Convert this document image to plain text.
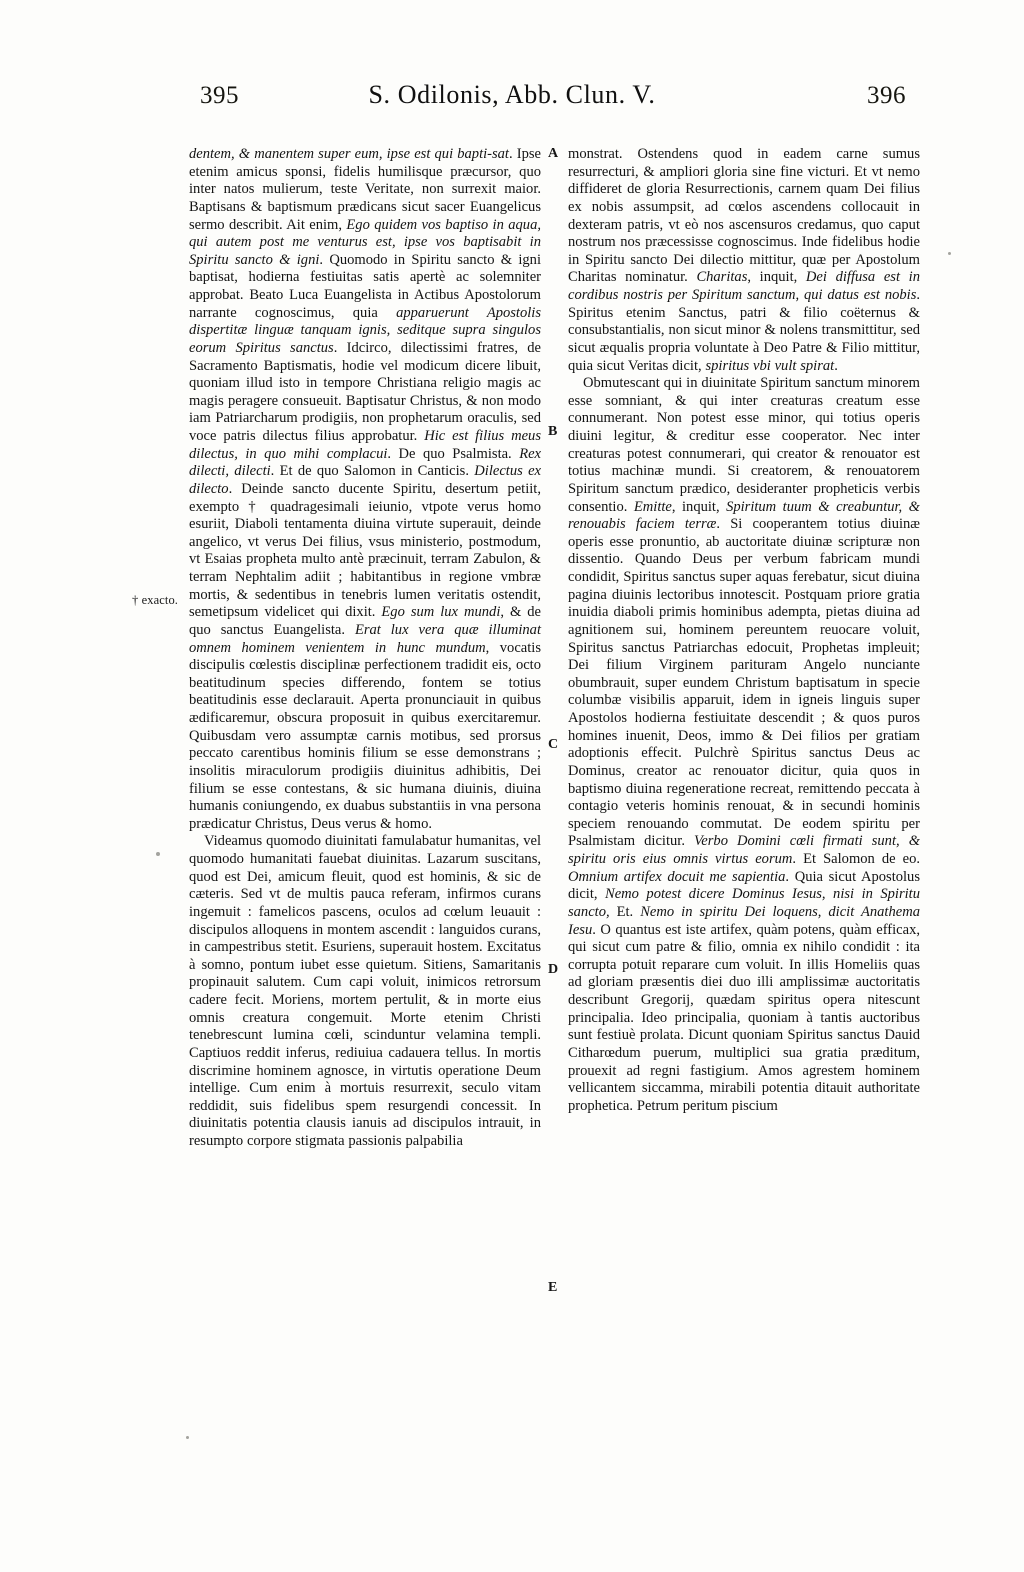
395	S. Odilonis, Abb. Clun. V.	396
† exacto.
A
B
C
D
E

dentem, & manentem super eum, ipse est qui bapti-sat. Ipse etenim amicus sponsi, fidelis humilisque præcursor, quo inter natos mulierum, teste Veritate, non surrexit maior. Baptisans & baptismum prædicans sicut sacer Euangelicus sermo describit. Ait enim, Ego quidem vos baptiso in aqua, qui autem post me venturus est, ipse vos baptisabit in Spiritu sancto & igni. Quomodo in Spiritu sancto & igni baptisat, hodierna festiuitas satis apertè ac solemniter approbat. Beato Luca Euangelista in Actibus Apostolorum narrante cognoscimus, quia apparuerunt Apostolis dispertitæ linguæ tanquam ignis, seditque supra singulos eorum Spiritus sanctus. Idcirco, dilectissimi fratres, de Sacramento Baptismatis, hodie vel modicum dicere libuit, quoniam illud isto in tempore Christiana religio magis ac magis peragere consueuit. Baptisatur Christus, & non modo iam Patriarcharum prodigiis, non prophetarum oraculis, sed voce patris dilectus filius approbatur. Hic est filius meus dilectus, in quo mihi complacui. De quo Psalmista. Rex dilecti, dilecti. Et de quo Salomon in Canticis. Dilectus ex dilecto. Deinde sancto ducente Spiritu, desertum petiit, exempto † quadragesimali ieiunio, vtpote verus homo esuriit, Diaboli tentamenta diuina virtute superauit, deinde angelico, vt verus Dei filius, vsus ministerio, postmodum, vt Esaias propheta multo antè præcinuit, terram Zabulon, & terram Nephtalim adiit ; habitantibus in regione vmbræ mortis, & sedentibus in tenebris lumen veritatis ostendit, semetipsum videlicet qui dixit. Ego sum lux mundi, & de quo sanctus Euangelista. Erat lux vera quæ illuminat omnem hominem venientem in hunc mundum, vocatis discipulis cœlestis disciplinæ perfectionem tradidit eis, octo beatitudinum species differendo, fontem se totius beatitudinis esse declarauit. Aperta pronunciauit in quibus ædificaremur, obscura proposuit in quibus exercitaremur. Quibusdam vero assumptæ carnis motibus, sed prorsus peccato carentibus hominis filium se esse demonstrans ; insolitis miraculorum prodigiis diuinitus adhibitis, Dei filium se esse contestans, & sic humana diuinis, diuina humanis coniungendo, ex duabus substantiis in vna persona prædicatur Christus, Deus verus & homo.

Videamus quomodo diuinitati famulabatur humanitas, vel quomodo humanitati fauebat diuinitas. Lazarum suscitans, quod est Dei, amicum fleuit, quod est hominis, & sic de cæteris. Sed vt de multis pauca referam, infirmos curans ingemuit : famelicos pascens, oculos ad cœlum leuauit : discipulos alloquens in montem ascendit : languidos curans, in campestribus stetit. Esuriens, superauit hostem. Excitatus à somno, pontum iubet esse quietum. Sitiens, Samaritanis propinauit salutem. Cum capi voluit, inimicos retrorsum cadere fecit. Moriens, mortem pertulit, & in morte eius omnis creatura congemuit. Morte etenim Christi tenebrescunt lumina cœli, scinduntur velamina templi. Captiuos reddit inferus, rediuiua cadauera tellus. In mortis discrimine hominem agnosce, in virtutis operatione Deum intellige. Cum enim à mortuis resurrexit, seculo vitam reddidit, suis fidelibus spem resurgendi concessit. In diuinitatis potentia clausis ianuis ad discipulos intrauit, in resumpto corpore stigmata passionis palpabilia

monstrat. Ostendens quod in eadem carne sumus resurrecturi, & ampliori gloria sine fine victuri. Et vt nemo diffideret de gloria Resurrectionis, carnem quam Dei filius ex nobis assumpsit, ad cœlos ascendens collocauit in dexteram patris, vt eò nos ascensuros credamus, quo caput nostrum nos præcessisse cognoscimus. Inde fidelibus hodie in Spiritu sancto Dei dilectio mittitur, quæ per Apostolum Charitas nominatur. Charitas, inquit, Dei diffusa est in cordibus nostris per Spiritum sanctum, qui datus est nobis. Spiritus etenim Sanctus, patri & filio coëternus & consubstantialis, non sicut minor & nolens transmittitur, sed sicut æqualis propria voluntate à Deo Patre & Filio mittitur, quia sicut Veritas dicit, spiritus vbi vult spirat.

Obmutescant qui in diuinitate Spiritum sanctum minorem esse somniant, & qui inter creaturas creatum esse connumerant. Non potest esse minor, qui totius operis diuini legitur, & creditur esse cooperator. Nec inter creaturas potest connumerari, qui creator & renouator est totius machinæ mundi. Si creatorem, & renouatorem Spiritum sanctum prædico, desideranter propheticis verbis consentio. Emitte, inquit, Spiritum tuum & creabuntur, & renouabis faciem terræ. Si cooperantem totius diuinæ operis esse pronuntio, ab auctoritate diuinæ scripturæ non dissentio. Quando Deus per verbum fabricam mundi condidit, Spiritus sanctus super aquas ferebatur, sicut diuina pagina diuinis lectoribus innotescit. Postquam priore gratia inuidia diaboli primis hominibus adempta, pietas diuina ad agnitionem sui, hominem pereuntem reuocare voluit, Spiritus sanctus Patriarchas edocuit, Prophetas impleuit; Dei filium Virginem parituram Angelo nunciante obumbrauit, super eundem Christum baptisatum in specie columbæ visibilis apparuit, idem in igneis linguis super Apostolos hodierna festiuitate descendit ; & quos puros homines inuenit, Deos, immo & Dei filios per gratiam adoptionis effecit. Pulchrè Spiritus sanctus Deus ac Dominus, creator ac renouator dicitur, quia quos in baptismo diuina regeneratione recreat, remittendo peccata à contagio veteris hominis renouat, & in secundi hominis speciem renouando commutat. De eodem spiritu per Psalmistam dicitur. Verbo Domini cœli firmati sunt, & spiritu oris eius omnis virtus eorum. Et Salomon de eo. Omnium artifex docuit me sapientia. Quia sicut Apostolus dicit, Nemo potest dicere Dominus Iesus, nisi in Spiritu sancto, Et. Nemo in spiritu Dei loquens, dicit Anathema Iesu. O quantus est iste artifex, quàm potens, quàm efficax, qui sicut cum patre & filio, omnia ex nihilo condidit : ita corrupta potuit reparare cum voluit. In illis Homeliis quas ad gloriam præsentis diei duo illi amplissimæ auctoritatis describunt Gregorij, quædam spiritus opera nitescunt principalia. Ideo principalia, quoniam à tantis auctoribus sunt festiuè prolata. Dicunt quoniam Spiritus sanctus Dauid Citharœdum puerum, multiplici sua gratia præditum, prouexit ad regni fastigium. Amos agrestem hominem vellicantem siccamma, mirabili potentia ditauit authoritate prophetica. Petrum peritum piscium
